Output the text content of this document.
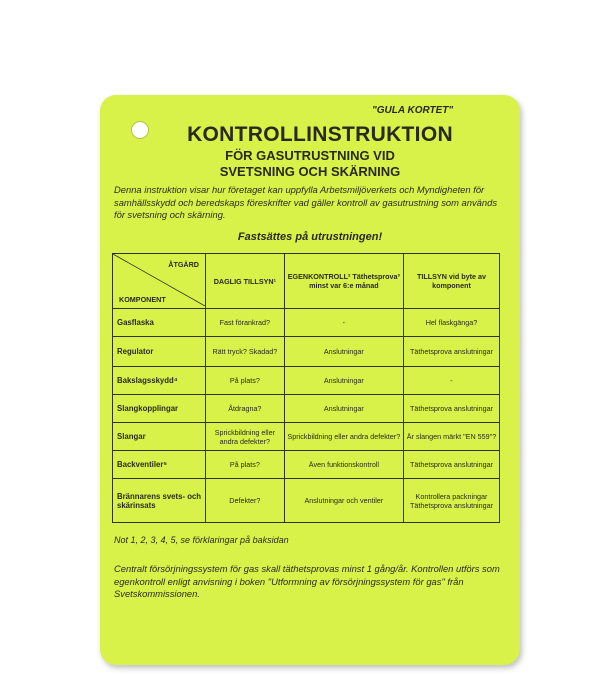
"GULA KORTET"
KONTROLLINSTRUKTION
FÖR GASUTRUSTNING VID
SVETSNING OCH SKÄRNING
Denna instruktion visar hur företaget kan uppfylla Arbetsmiljöverkets och Myndigheten för samhällsskydd och beredskaps föreskrifter vad gäller kontroll av gasutrustning som används för svetsning och skärning.
Fastsättes på utrustningen!
ÅTGÄRD
KOMPONENT	DAGLIG TILLSYN¹	EGENKONTROLL² Täthetsprova³ minst var 6:e månad	TILLSYN vid byte av komponent
Gasflaska	Fast förankrad?	-	Hel flaskgänga?
Regulator	Rätt tryck? Skadad?	Anslutningar	Täthetsprova anslutningar
Bakslagsskydd⁴	På plats?	Anslutningar	-
Slangkopplingar	Åtdragna?	Anslutningar	Täthetsprova anslutningar
Slangar	Sprickbildning eller andra defekter?	Sprickbildning eller andra defekter?	Är slangen märkt "EN 559"?
Backventiler⁵	På plats?	Även funktionskontroll	Täthetsprova anslutningar
Brännarens svets- och skärinsats	Defekter?	Anslutningar och ventiler	Kontrollera packningar Täthetsprova anslutningar
Not 1, 2, 3, 4, 5, se förklaringar på baksidan
Centralt försörjningssystem för gas skall täthetsprovas minst 1 gång/år. Kontrollen utförs som egenkontroll enligt anvisning i boken "Utformning av försörjningssystem för gas" från Svetskommissionen.
